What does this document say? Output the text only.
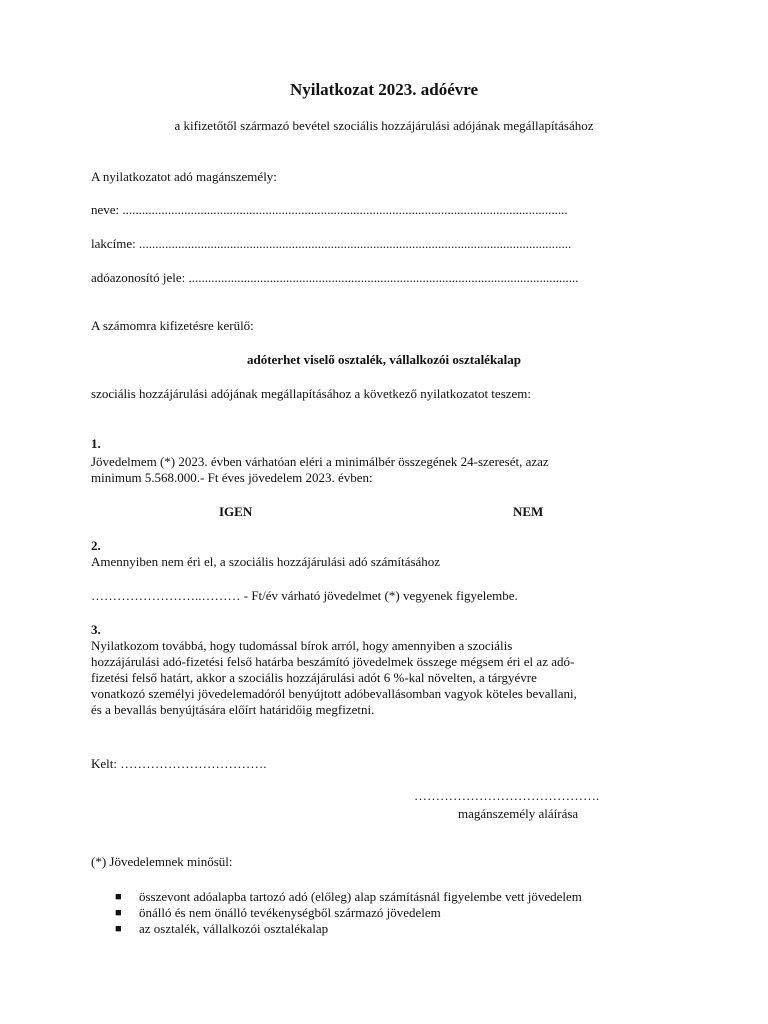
Nyilatkozat 2023. adóévre
a kifizetőtől származó bevétel szociális hozzájárulási adójának megállapításához
A nyilatkozatot adó magánszemély:
neve: .........................................................................................................................................
lakcíme: .....................................................................................................................................
adóazonosító jele: ........................................................................................................................
A számomra kifizetésre kerülő:
adóterhet viselő osztalék, vállalkozói osztalékalap
szociális hozzájárulási adójának megállapításához a következő nyilatkozatot teszem:
1.
Jövedelmem (*) 2023. évben várhatóan eléri a minimálbér összegének 24-szeresét, azaz
minimum 5.568.000.- Ft éves jövedelem 2023. évben:
IGEN	NEM
2.
Amennyiben nem éri el, a szociális hozzájárulási adó számításához
……………………..……… - Ft/év várható jövedelmet (*) vegyenek figyelembe.
3.
Nyilatkozom továbbá, hogy tudomással bírok arról, hogy amennyiben a szociális
hozzájárulási adó-fizetési felső határba beszámító jövedelmek összege mégsem éri el az adó-
fizetési felső határt, akkor a szociális hozzájárulási adót 6 %-kal növelten, a tárgyévre
vonatkozó személyi jövedelemadóról benyújtott adóbevallásomban vagyok köteles bevallani,
és a bevallás benyújtására előírt határidőig megfizetni.
Kelt: …………………………….
…………………………………….
magánszemély aláírása
(*) Jövedelemnek minősül:
■ összevont adóalapba tartozó adó (előleg) alap számításnál figyelembe vett jövedelem
■ önálló és nem önálló tevékenységből származó jövedelem
■ az osztalék, vállalkozói osztalékalap
